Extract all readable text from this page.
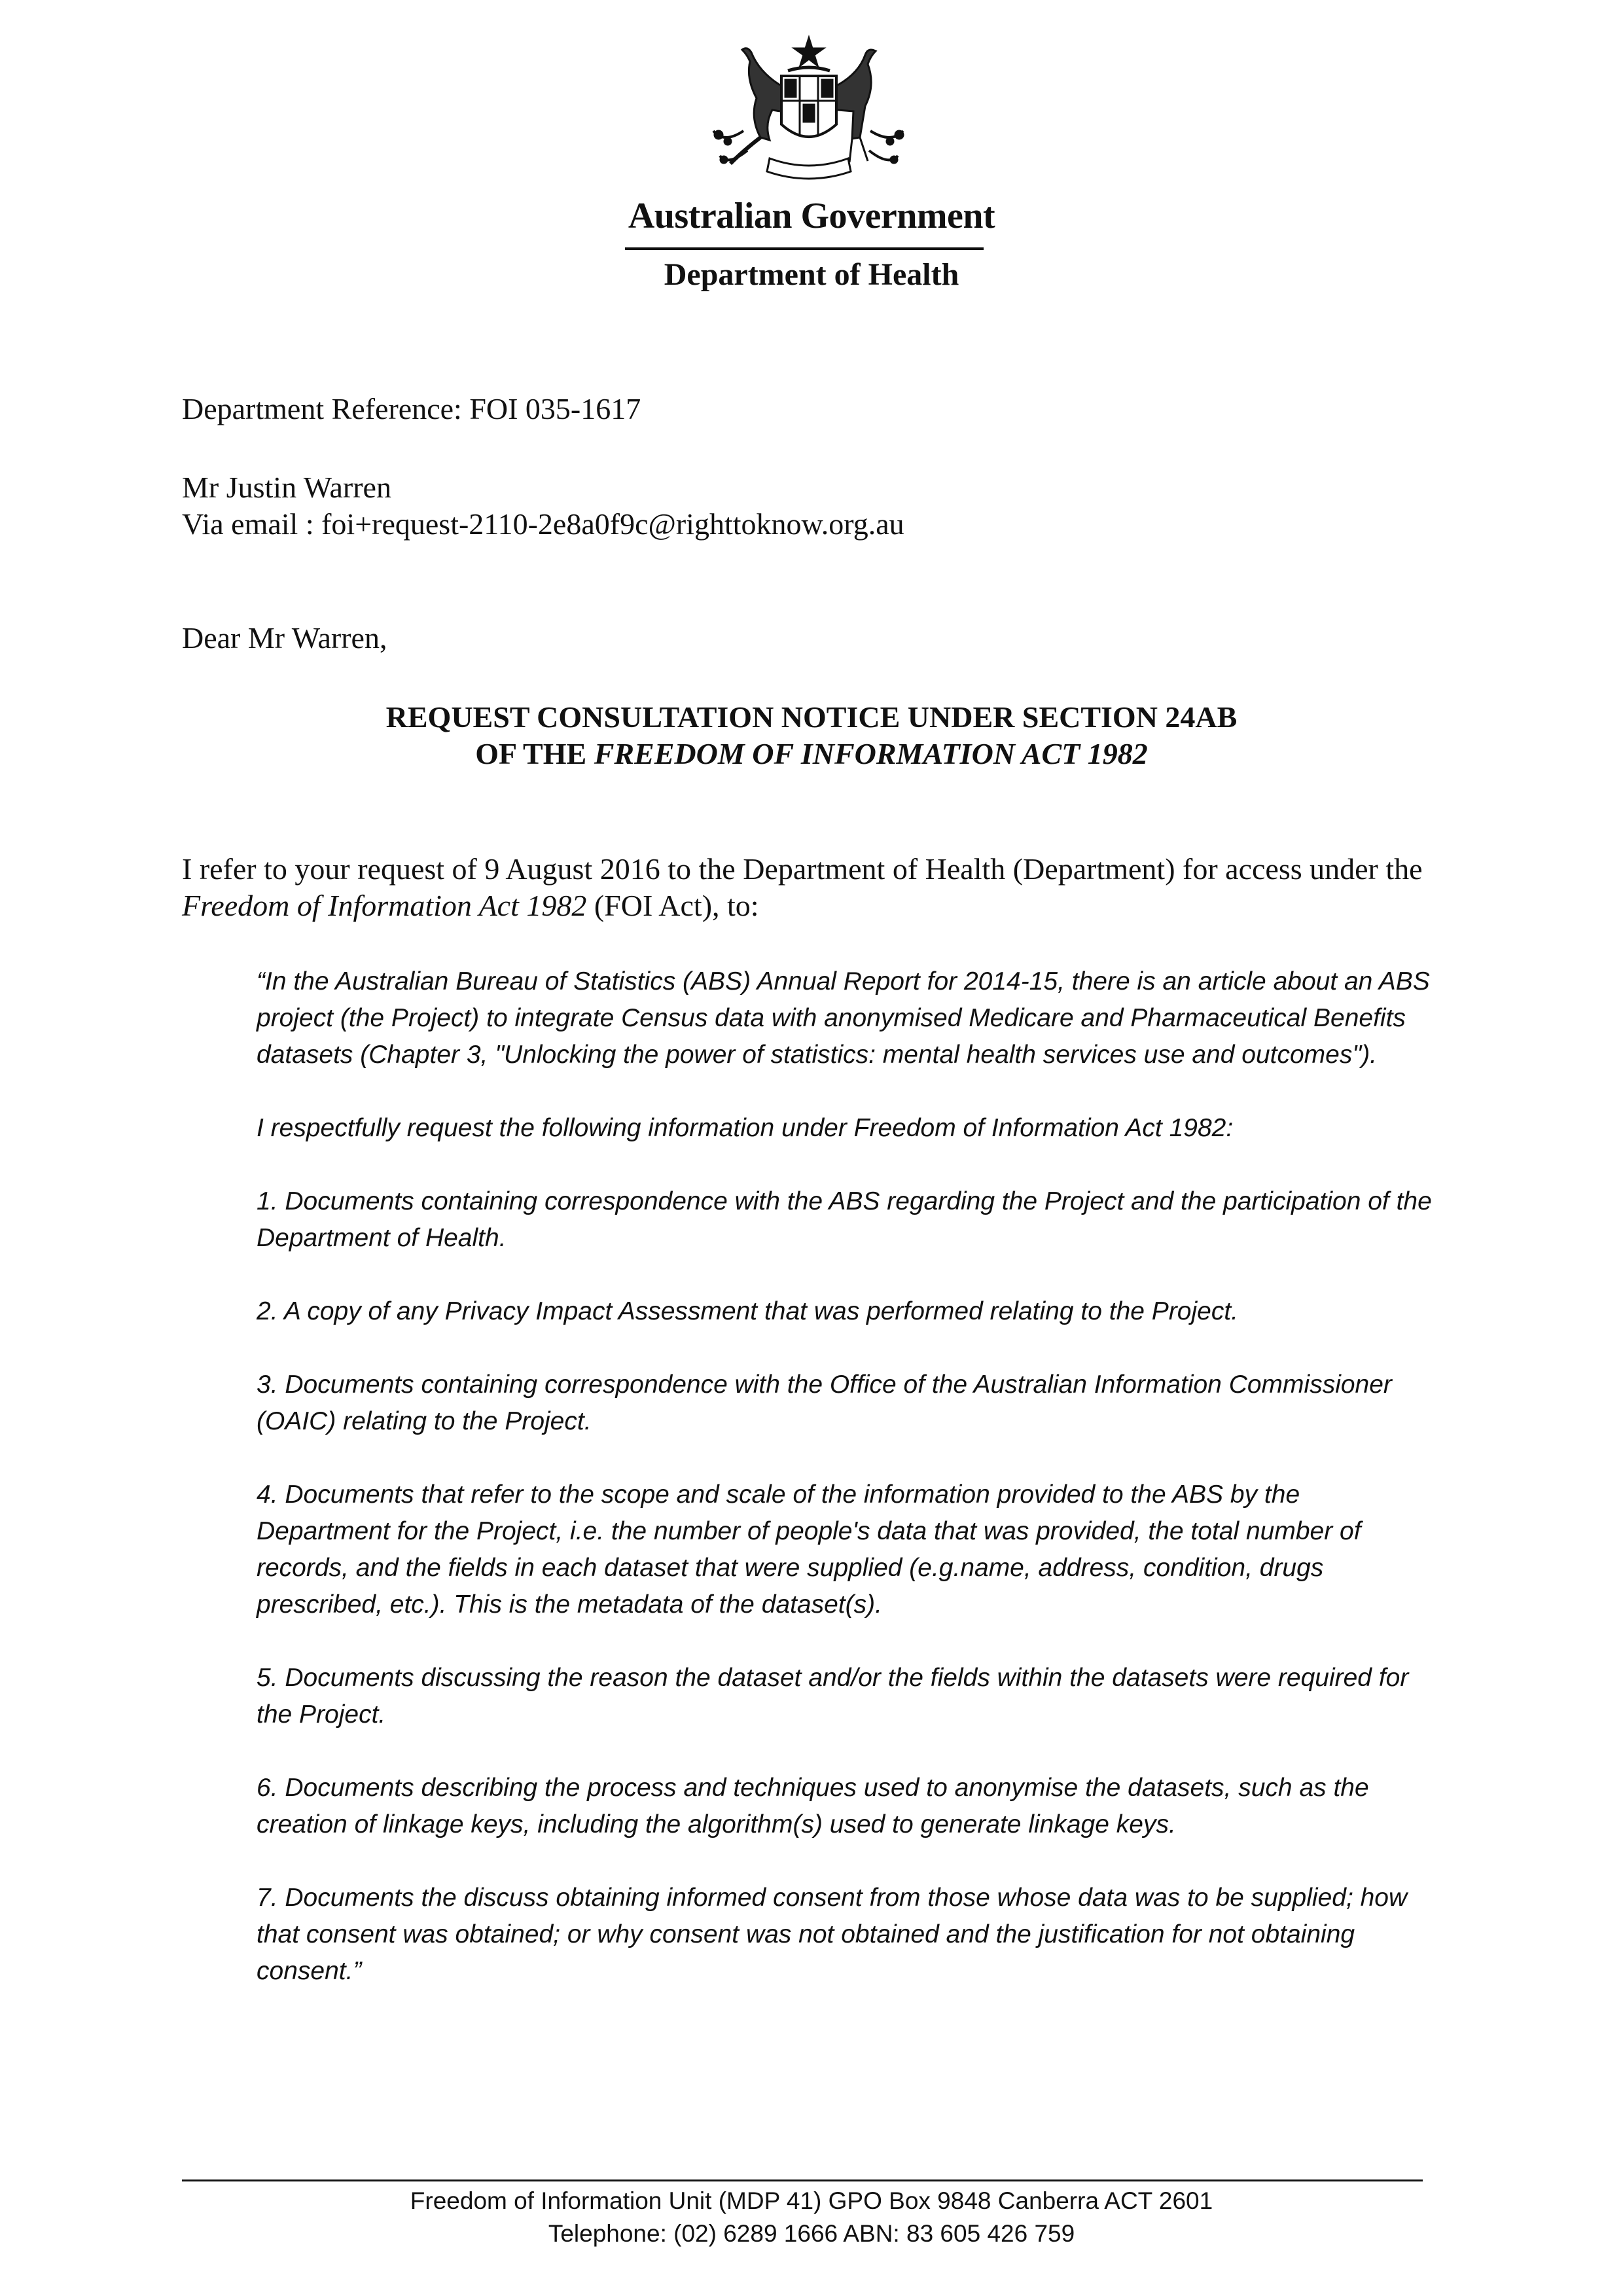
Australian Government
Department of Health
Department Reference: FOI 035-1617
Mr Justin Warren
Via email : foi+request-2110-2e8a0f9c@righttoknow.org.au
Dear Mr Warren,
REQUEST CONSULTATION NOTICE UNDER SECTION 24AB
OF THE FREEDOM OF INFORMATION ACT 1982
I refer to your request of 9 August 2016 to the Department of Health (Department) for access under the Freedom of Information Act 1982 (FOI Act), to:

“In the Australian Bureau of Statistics (ABS) Annual Report for 2014-15, there is an article about an ABS project (the Project) to integrate Census data with anonymised Medicare and Pharmaceutical Benefits datasets (Chapter 3, "Unlocking the power of statistics: mental health services use and outcomes").

I respectfully request the following information under Freedom of Information Act 1982:

1. Documents containing correspondence with the ABS regarding the Project and the participation of the Department of Health.

2. A copy of any Privacy Impact Assessment that was performed relating to the Project.

3. Documents containing correspondence with the Office of the Australian Information Commissioner (OAIC) relating to the Project.

4. Documents that refer to the scope and scale of the information provided to the ABS by the Department for the Project, i.e. the number of people's data that was provided, the total number of records, and the fields in each dataset that were supplied (e.g.name, address, condition, drugs prescribed, etc.). This is the metadata of the dataset(s).

5. Documents discussing the reason the dataset and/or the fields within the datasets were required for the Project.

6. Documents describing the process and techniques used to anonymise the datasets, such as the creation of linkage keys, including the algorithm(s) used to generate linkage keys.

7. Documents the discuss obtaining informed consent from those whose data was to be supplied; how that consent was obtained; or why consent was not obtained and the justification for not obtaining consent.”

Freedom of Information Unit (MDP 41) GPO Box 9848 Canberra ACT 2601
Telephone: (02) 6289 1666 ABN: 83 605 426 759
